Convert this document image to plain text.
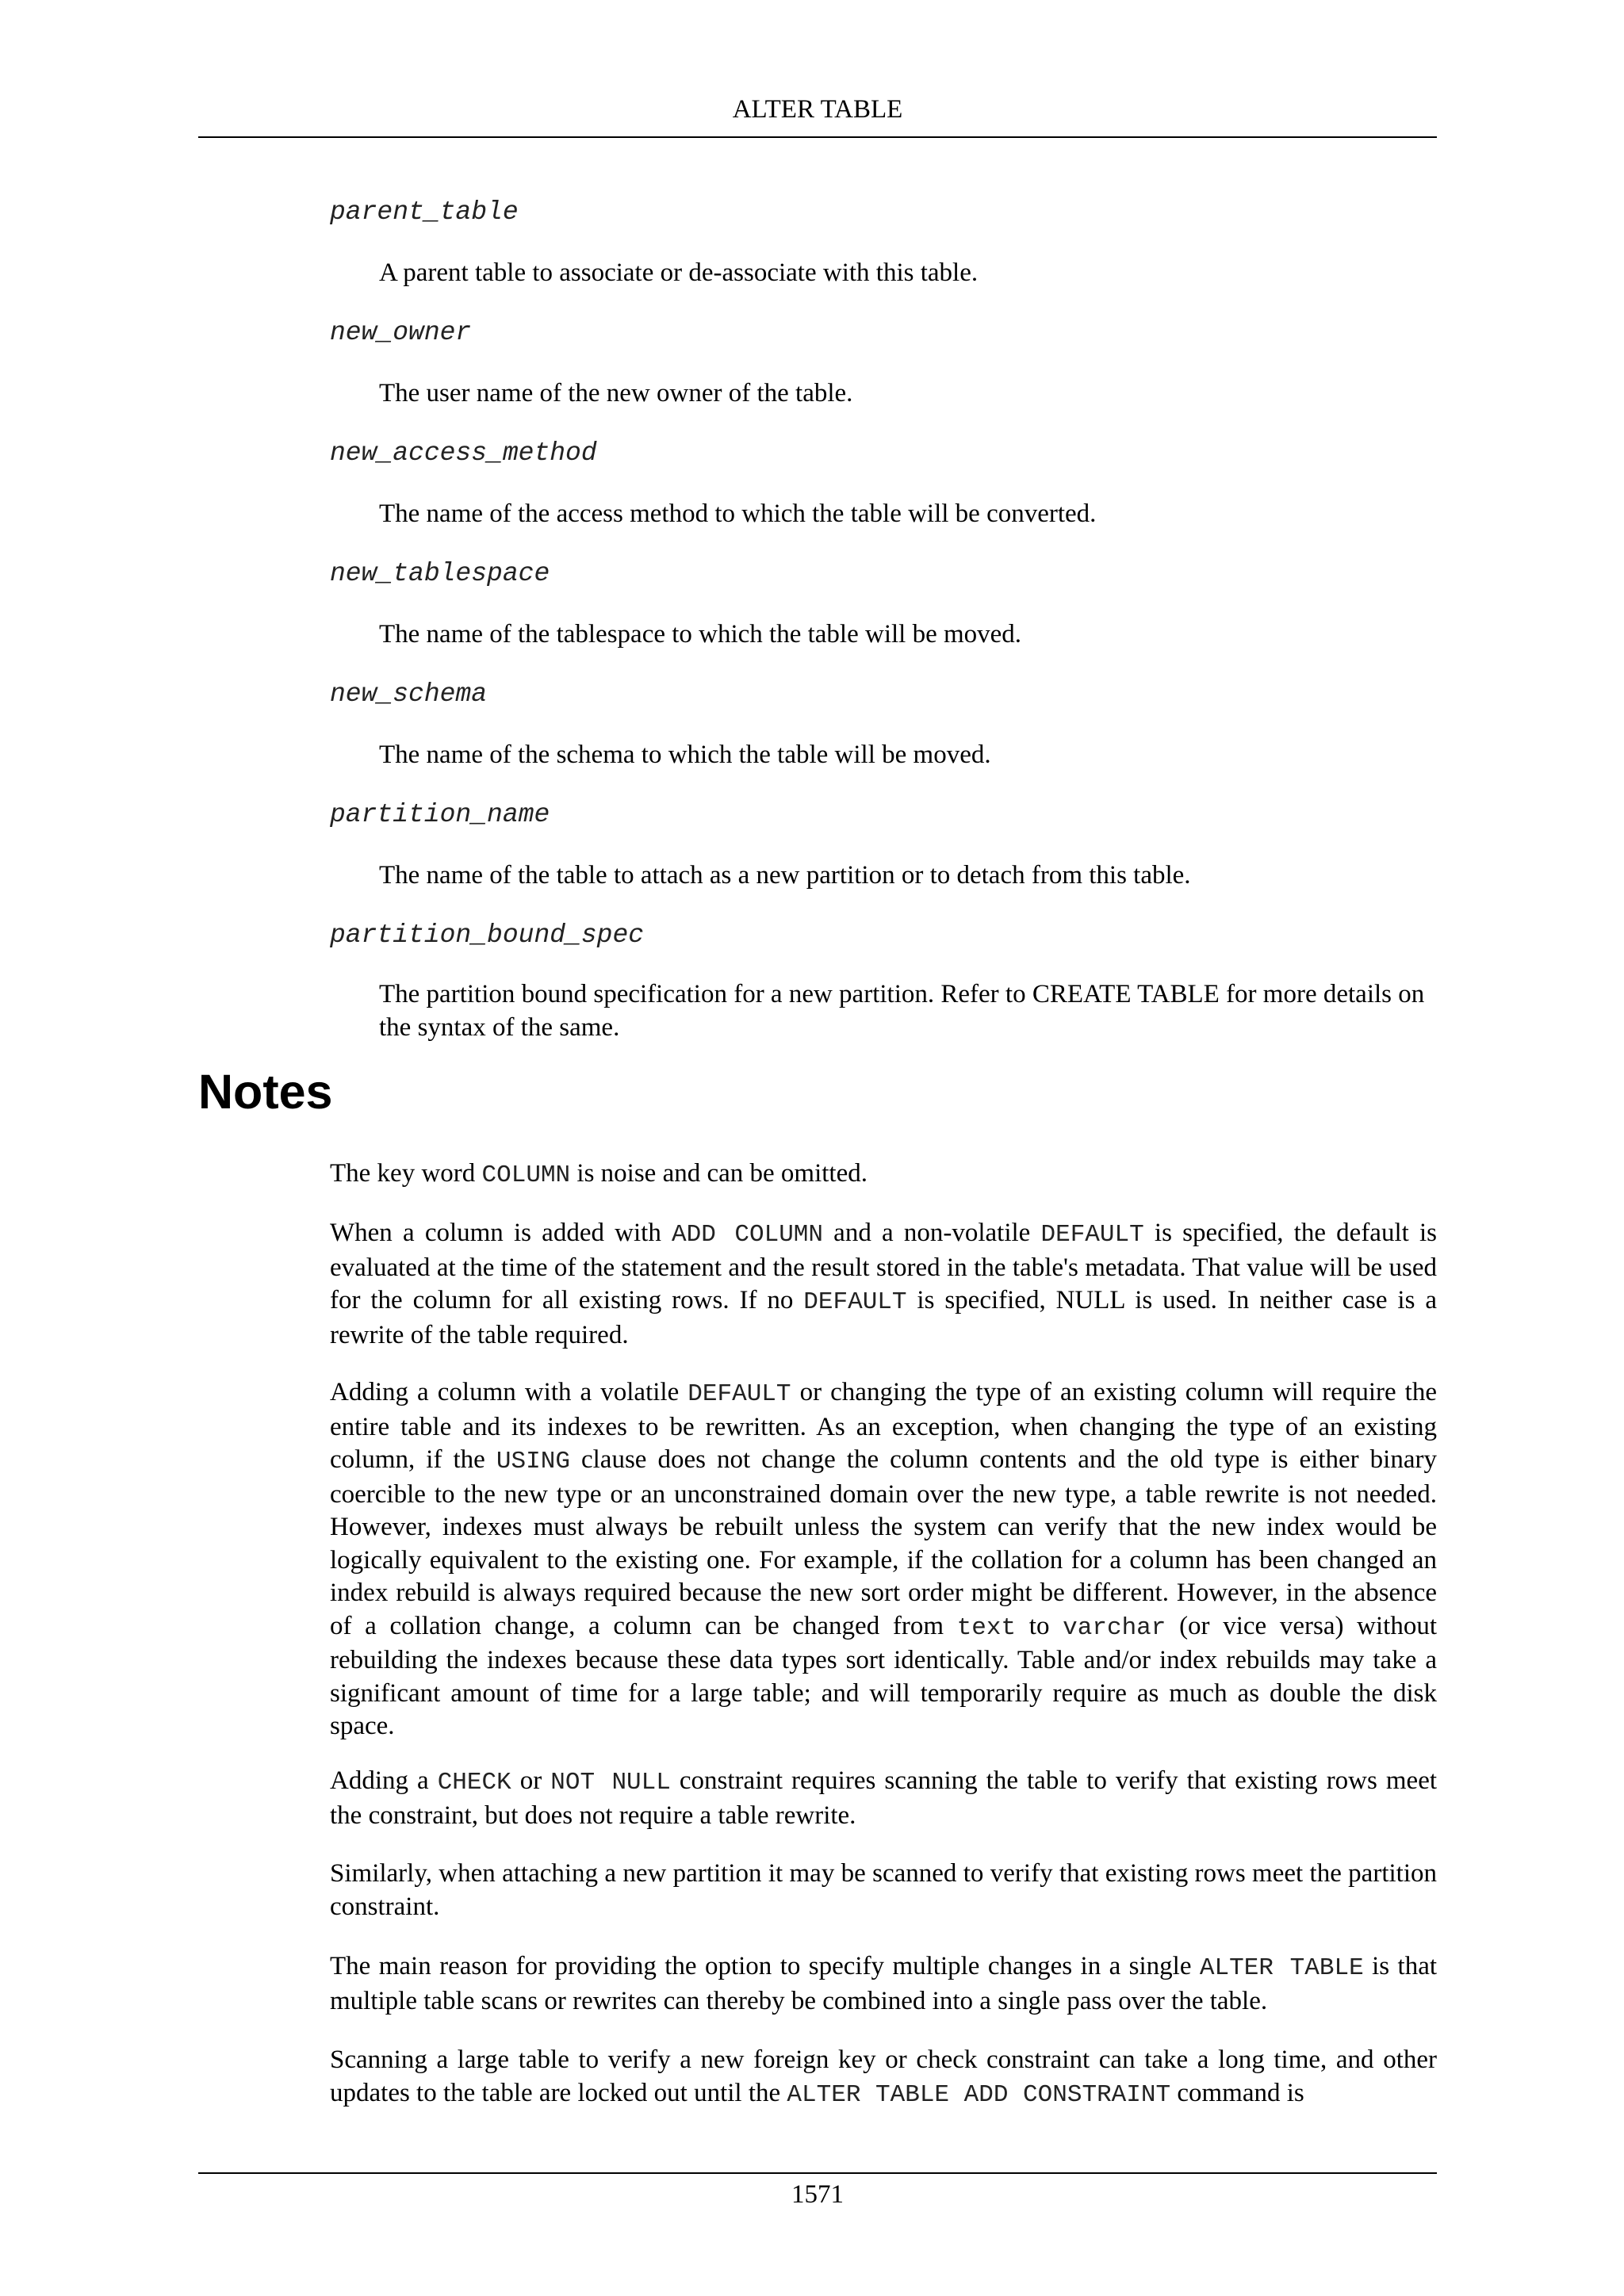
ALTER TABLE
parent_table
A parent table to associate or de-associate with this table.
new_owner
The user name of the new owner of the table.
new_access_method
The name of the access method to which the table will be converted.
new_tablespace
The name of the tablespace to which the table will be moved.
new_schema
The name of the schema to which the table will be moved.
partition_name
The name of the table to attach as a new partition or to detach from this table.
partition_bound_spec
The partition bound specification for a new partition. Refer to CREATE TABLE for more details on the syntax of the same.
Notes

The key word COLUMN is noise and can be omitted.

When a column is added with ADD COLUMN and a non-volatile DEFAULT is specified, the default is evaluated at the time of the statement and the result stored in the table's metadata. That value will be used for the column for all existing rows. If no DEFAULT is specified, NULL is used. In neither case is a rewrite of the table required.

Adding a column with a volatile DEFAULT or changing the type of an existing column will require the entire table and its indexes to be rewritten. As an exception, when changing the type of an existing column, if the USING clause does not change the column contents and the old type is either binary coercible to the new type or an unconstrained domain over the new type, a table rewrite is not needed. However, indexes must always be rebuilt unless the system can verify that the new index would be logically equivalent to the existing one. For example, if the collation for a column has been changed an index rebuild is always required because the new sort order might be different. However, in the absence of a collation change, a column can be changed from text to varchar (or vice versa) without rebuilding the indexes because these data types sort identically. Table and/or index rebuilds may take a significant amount of time for a large table; and will temporarily require as much as double the disk space.

Adding a CHECK or NOT NULL constraint requires scanning the table to verify that existing rows meet the constraint, but does not require a table rewrite.

Similarly, when attaching a new partition it may be scanned to verify that existing rows meet the partition constraint.

The main reason for providing the option to specify multiple changes in a single ALTER TABLE is that multiple table scans or rewrites can thereby be combined into a single pass over the table.

Scanning a large table to verify a new foreign key or check constraint can take a long time, and other updates to the table are locked out until the ALTER TABLE ADD CONSTRAINT command is

1571
